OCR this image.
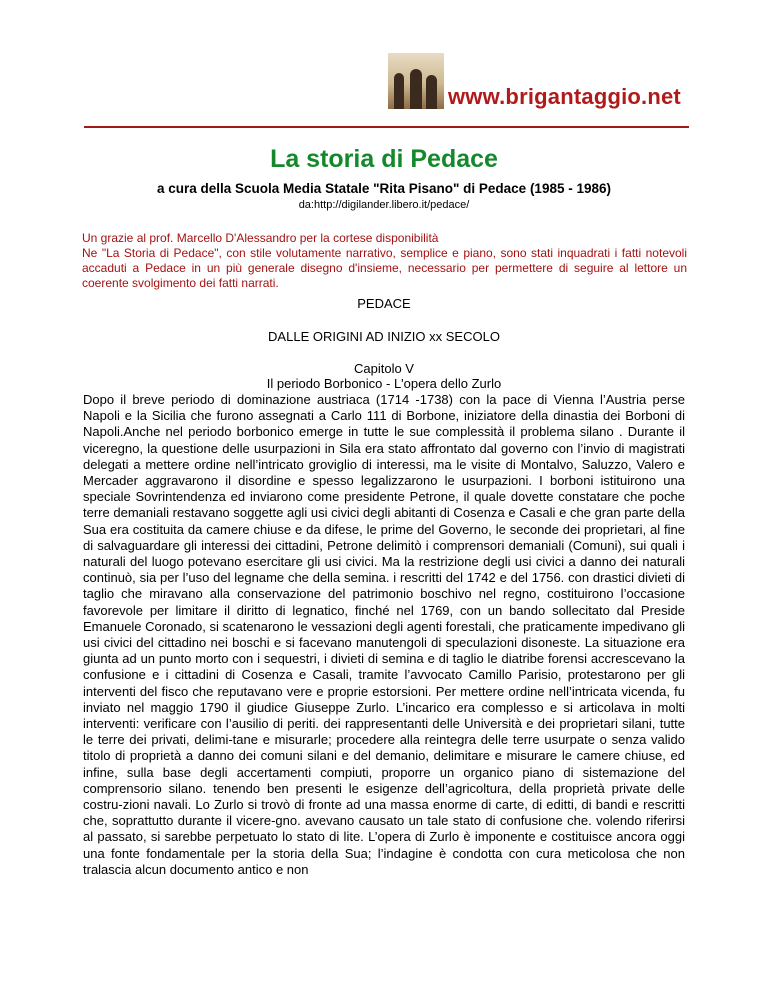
www.brigantaggio.net
La storia di Pedace
a cura della Scuola Media Statale "Rita Pisano" di Pedace (1985 - 1986)
da:http://digilander.libero.it/pedace/

Un grazie al prof. Marcello D'Alessandro per la cortese disponibilità

Ne "La Storia di Pedace", con stile volutamente narrativo, semplice e piano, sono stati inquadrati i fatti notevoli accaduti a Pedace in un più generale disegno d'insieme, necessario per permettere di seguire al lettore un coerente svolgimento dei fatti narrati.

PEDACE
DALLE ORIGINI AD INIZIO xx SECOLO
Capitolo V
Il periodo Borbonico - L'opera dello Zurlo

Dopo il breve periodo di dominazione austriaca (1714 -1738) con la pace di Vienna l’Austria perse Napoli e la Sicilia che furono assegnati a Carlo 111 di Borbone, iniziatore della dinastia dei Borboni di Napoli.Anche nel periodo borbonico emerge in tutte le sue complessità il problema silano . Durante il viceregno, la questione delle usurpazioni in Sila era stato affrontato dal governo con l’invio di magistrati delegati a mettere ordine nell’intricato groviglio di interessi, ma le visite di Montalvo, Saluzzo, Valero e Mercader aggravarono il disordine e spesso legalizzarono le usurpazioni. I borboni istituirono una speciale Sovrintendenza ed inviarono come presidente Petrone, il quale dovette constatare che poche terre demaniali restavano soggette agli usi civici degli abitanti di Cosenza e Casali e che gran parte della Sua era costituita da camere chiuse e da difese, le prime del Governo, le seconde dei proprietari, al fine di salvaguardare gli interessi dei cittadini, Petrone delimitò i comprensori demaniali (Comuni), sui quali i naturali del luogo potevano esercitare gli usi civici. Ma la restrizione degli usi civici a danno dei naturali continuò, sia per l’uso del legname che della semina. i rescritti del 1742 e del 1756. con drastici divieti di taglio che miravano alla conservazione del patrimonio boschivo nel regno, costituirono l’occasione favorevole per limitare il diritto di legnatico, finché nel 1769, con un bando sollecitato dal Preside Emanuele Coronado, si scatenarono le vessazioni degli agenti forestali, che praticamente impedivano gli usi civici del cittadino nei boschi e si facevano manutengoli di speculazioni disoneste. La situazione era giunta ad un punto morto con i sequestri, i divieti di semina e di taglio le diatribe forensi accrescevano la confusione e i cittadini di Cosenza e Casali, tramite l’avvocato Camillo Parisio, protestarono per gli interventi del fisco che reputavano vere e proprie estorsioni. Per mettere ordine nell’intricata vicenda, fu inviato nel maggio 1790 il giudice Giuseppe Zurlo. L’incarico era complesso e si articolava in molti interventi: verificare con l’ausilio di periti. dei rappresentanti delle Università e dei proprietari silani, tutte le terre dei privati, delimi-tane e misurarle; procedere alla reintegra delle terre usurpate o senza valido titolo di proprietà a danno dei comuni silani e del demanio, delimitare e misurare le camere chiuse, ed infine, sulla base degli accertamenti compiuti, proporre un organico piano di sistemazione del comprensorio silano. tenendo ben presenti le esigenze dell’agricoltura, della proprietà private delle costru-zioni navali. Lo Zurlo si trovò di fronte ad una massa enorme di carte, di editti, di bandi e rescritti che, soprattutto durante il vicere-gno. avevano causato un tale stato di confusione che. volendo riferirsi al passato, si sarebbe perpetuato lo stato di lite. L’opera di Zurlo è imponente e costituisce ancora oggi una fonte fondamentale per la storia della Sua; l’indagine è condotta con cura meticolosa che non tralascia alcun documento antico e non
